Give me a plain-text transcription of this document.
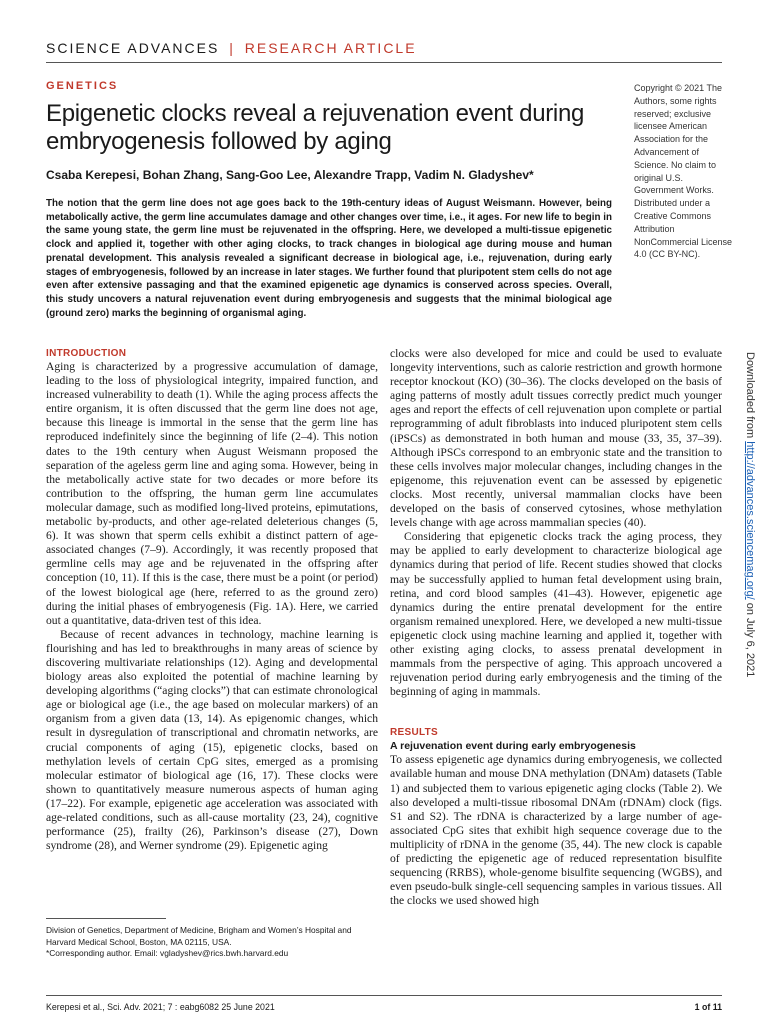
SCIENCE ADVANCES | RESEARCH ARTICLE
GENETICS
Epigenetic clocks reveal a rejuvenation event during embryogenesis followed by aging
Copyright © 2021 The Authors, some rights reserved; exclusive licensee American Association for the Advancement of Science. No claim to original U.S. Government Works. Distributed under a Creative Commons Attribution NonCommercial License 4.0 (CC BY-NC).
Csaba Kerepesi, Bohan Zhang, Sang-Goo Lee, Alexandre Trapp, Vadim N. Gladyshev*

The notion that the germ line does not age goes back to the 19th-century ideas of August Weismann. However, being metabolically active, the germ line accumulates damage and other changes over time, i.e., it ages. For new life to begin in the same young state, the germ line must be rejuvenated in the offspring. Here, we developed a multi-tissue epigenetic clock and applied it, together with other aging clocks, to track changes in biological age during mouse and human prenatal development. This analysis revealed a significant decrease in biological age, i.e., rejuvenation, during early stages of embryogenesis, followed by an increase in later stages. We further found that pluripotent stem cells do not age even after extensive passaging and that the examined epigenetic age dynamics is conserved across species. Overall, this study uncovers a natural rejuvenation event during embryogenesis and suggests that the minimal biological age (ground zero) marks the beginning of organismal aging.

INTRODUCTION

Aging is characterized by a progressive accumulation of damage, leading to the loss of physiological integrity, impaired function, and increased vulnerability to death (1). While the aging process affects the entire organism, it is often discussed that the germ line does not age, because this lineage is immortal in the sense that the germ line has reproduced indefinitely since the beginning of life (2–4). This notion dates to the 19th century when August Weismann proposed the separation of the ageless germ line and aging soma. However, being in the metabolically active state for two decades or more before its contribution to the offspring, the human germ line accumulates molecular damage, such as modified long-lived proteins, epimutations, metabolic by-products, and other age-related deleterious changes (5, 6). It was shown that sperm cells exhibit a distinct pattern of age-associated changes (7–9). Accordingly, it was recently proposed that germline cells may age and be rejuvenated in the offspring after conception (10, 11). If this is the case, there must be a point (or period) of the lowest biological age (here, referred to as the ground zero) during the initial phases of embryogenesis (Fig. 1A). Here, we carried out a quantitative, data-driven test of this idea.

Because of recent advances in technology, machine learning is flourishing and has led to breakthroughs in many areas of science by discovering multivariate relationships (12). Aging and developmental biology areas also exploited the potential of machine learning by developing algorithms (“aging clocks”) that can estimate chronological age or biological age (i.e., the age based on molecular markers) of an organism from a given data (13, 14). As epigenomic changes, which result in dysregulation of transcriptional and chromatin networks, are crucial components of aging (15), epigenetic clocks, based on methylation levels of certain CpG sites, emerged as a promising molecular estimator of biological age (16, 17). These clocks were shown to quantitatively measure numerous aspects of human aging (17–22). For example, epigenetic age acceleration was associated with age-related conditions, such as all-cause mortality (23, 24), cognitive performance (25), frailty (26), Parkinson’s disease (27), Down syndrome (28), and Werner syndrome (29). Epigenetic aging

clocks were also developed for mice and could be used to evaluate longevity interventions, such as calorie restriction and growth hormone receptor knockout (KO) (30–36). The clocks developed on the basis of aging patterns of mostly adult tissues correctly predict much younger ages and report the effects of cell rejuvenation upon complete or partial reprogramming of adult fibroblasts into induced pluripotent stem cells (iPSCs) as demonstrated in both human and mouse (33, 35, 37–39). Although iPSCs correspond to an embryonic state and the transition to these cells involves major molecular changes, including changes in the epigenome, this rejuvenation event can be assessed by epigenetic clocks. Most recently, universal mammalian clocks have been developed on the basis of conserved cytosines, whose methylation levels change with age across mammalian species (40).

Considering that epigenetic clocks track the aging process, they may be applied to early development to characterize biological age dynamics during that period of life. Recent studies showed that clocks may be successfully applied to human fetal development using brain, retina, and cord blood samples (41–43). However, epigenetic age dynamics during the entire prenatal development for the entire organism remained unexplored. Here, we developed a new multi-tissue epigenetic clock using machine learning and applied it, together with other existing aging clocks, to assess prenatal development in mammals from the perspective of aging. This approach uncovered a rejuvenation period during early embryogenesis and the timing of the beginning of aging in mammals.

RESULTS
A rejuvenation event during early embryogenesis

To assess epigenetic age dynamics during embryogenesis, we collected available human and mouse DNA methylation (DNAm) datasets (Table 1) and subjected them to various epigenetic aging clocks (Table 2). We also developed a multi-tissue ribosomal DNAm (rDNAm) clock (figs. S1 and S2). The rDNA is characterized by a large number of age-associated CpG sites that exhibit high sequence coverage due to the multiplicity of rDNA in the genome (35, 44). The new clock is capable of predicting the epigenetic age of reduced representation bisulfite sequencing (RRBS), whole-genome bisulfite sequencing (WGBS), and even pseudo-bulk single-cell sequencing samples in various tissues. All the clocks we used showed high

Division of Genetics, Department of Medicine, Brigham and Women’s Hospital and Harvard Medical School, Boston, MA 02115, USA.
*Corresponding author. Email: vgladyshev@rics.bwh.harvard.edu
Kerepesi et al., Sci. Adv. 2021; 7 : eabg6082 25 June 2021	1 of 11
Downloaded from http://advances.sciencemag.org/ on July 6, 2021
